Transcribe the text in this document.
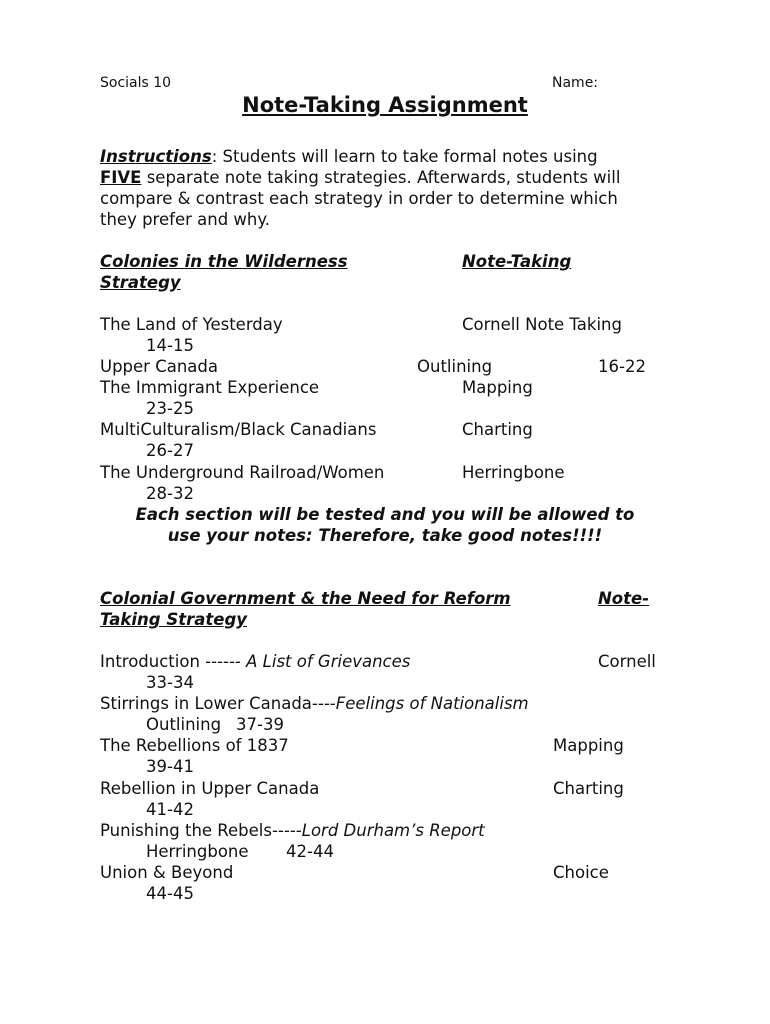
Socials 10	Name:
Note-Taking Assignment
Instructions: Students will learn to take formal notes using
FIVE separate note taking strategies. Afterwards, students will
compare & contrast each strategy in order to determine which
they prefer and why.
Colonies in the Wilderness	Note-Taking
Strategy
The Land of Yesterday	Cornell Note Taking
14-15
Upper Canada	Outlining	16-22
The Immigrant Experience	Mapping
23-25
MultiCulturalism/Black Canadians	Charting
26-27
The Underground Railroad/Women	Herringbone
28-32
Each section will be tested and you will be allowed to
use your notes: Therefore, take good notes!!!!
Colonial Government & the Need for Reform	Note-
Taking Strategy
Introduction ------ A List of Grievances	Cornell
33-34
Stirrings in Lower Canada----Feelings of Nationalism
Outlining 37-39
The Rebellions of 1837	Mapping
39-41
Rebellion in Upper Canada	Charting
41-42
Punishing the Rebels-----Lord Durham’s Report
Herringbone 42-44
Union & Beyond	Choice
44-45
